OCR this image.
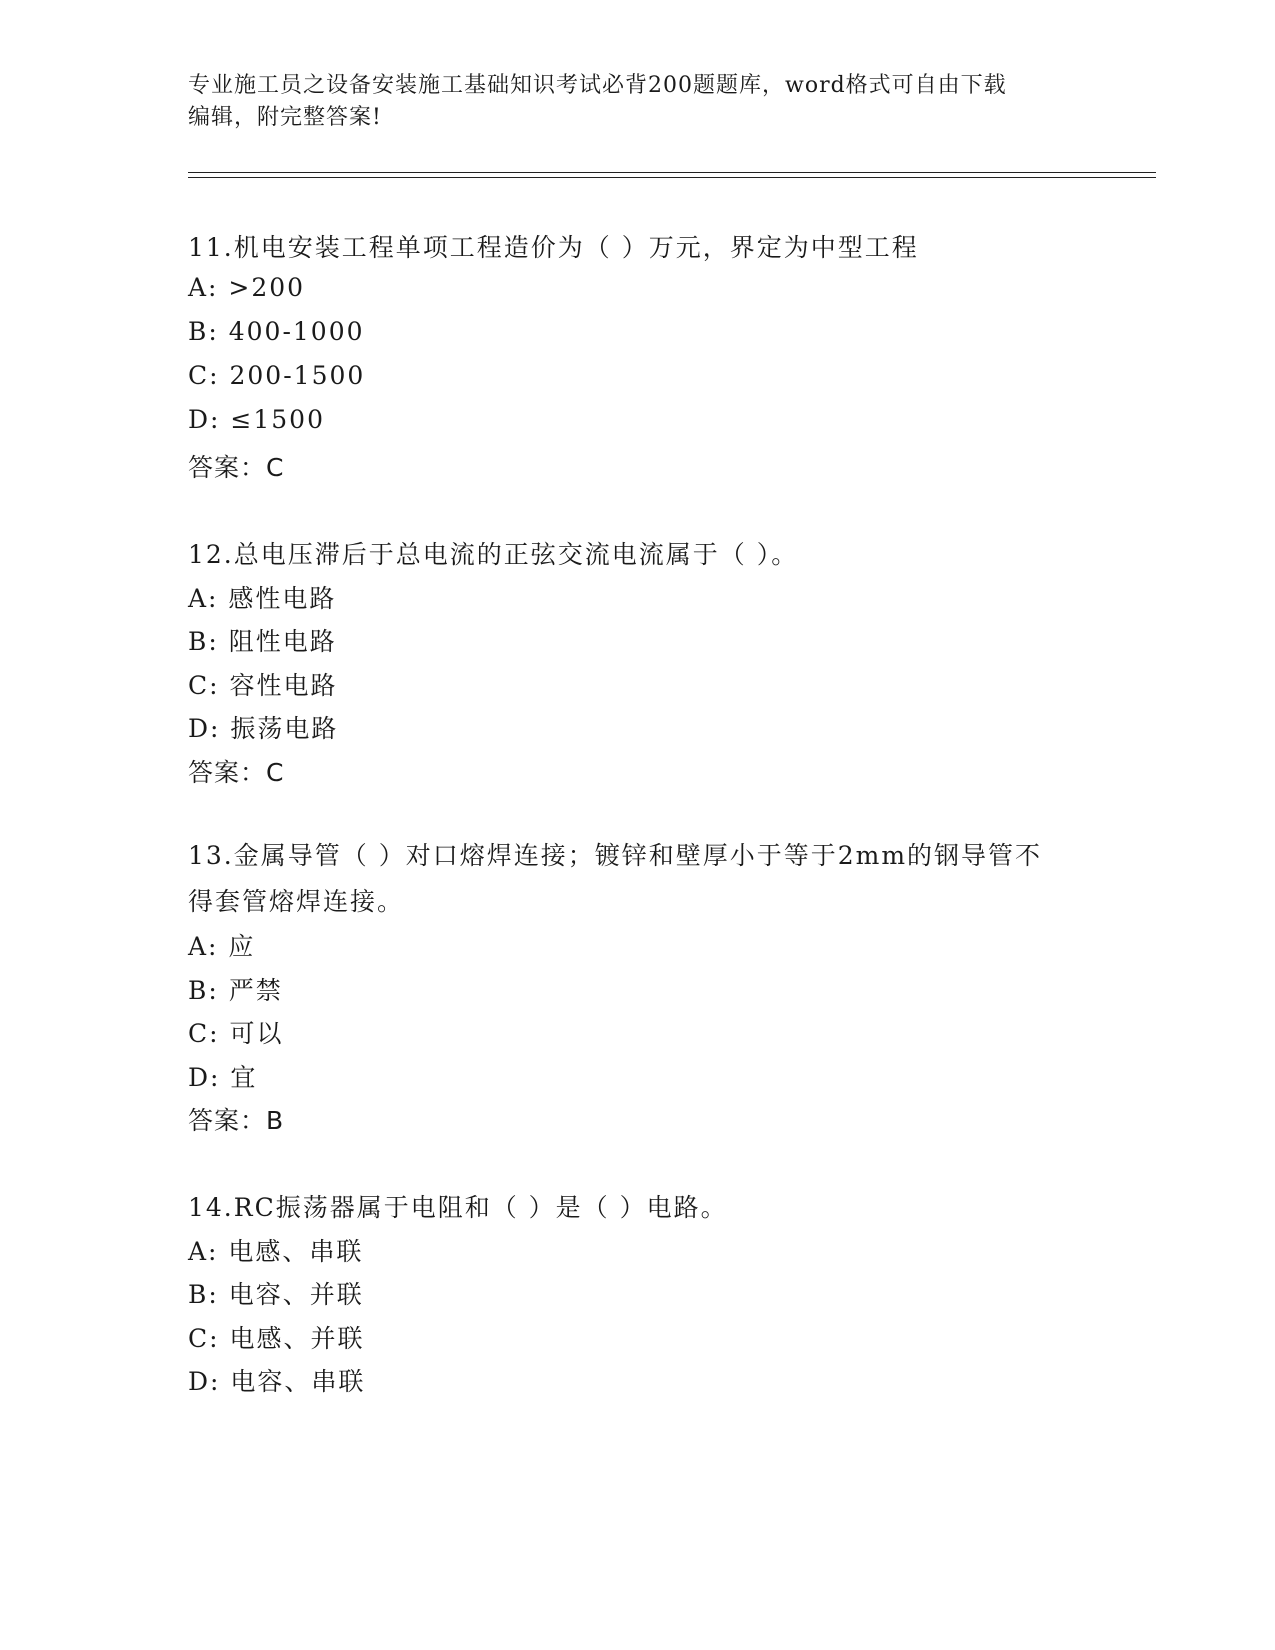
专业施工员之设备安装施工基础知识考试必背200题题库，word格式可自由下载
编辑，附完整答案!
11.机电安装工程单项工程造价为（ ）万元，界定为中型工程
A: >200
B: 400-1000
C: 200-1500
D: ≤1500
答案：C
12.总电压滞后于总电流的正弦交流电流属于（ ）。
A: 感性电路
B: 阻性电路
C: 容性电路
D: 振荡电路
答案：C
13.金属导管（ ）对口熔焊连接；镀锌和壁厚小于等于2mm的钢导管不得套管熔焊连接。
A: 应
B: 严禁
C: 可以
D: 宜
答案：B
14.RC振荡器属于电阻和（ ）是（ ）电路。
A: 电感、串联
B: 电容、并联
C: 电感、并联
D: 电容、串联
